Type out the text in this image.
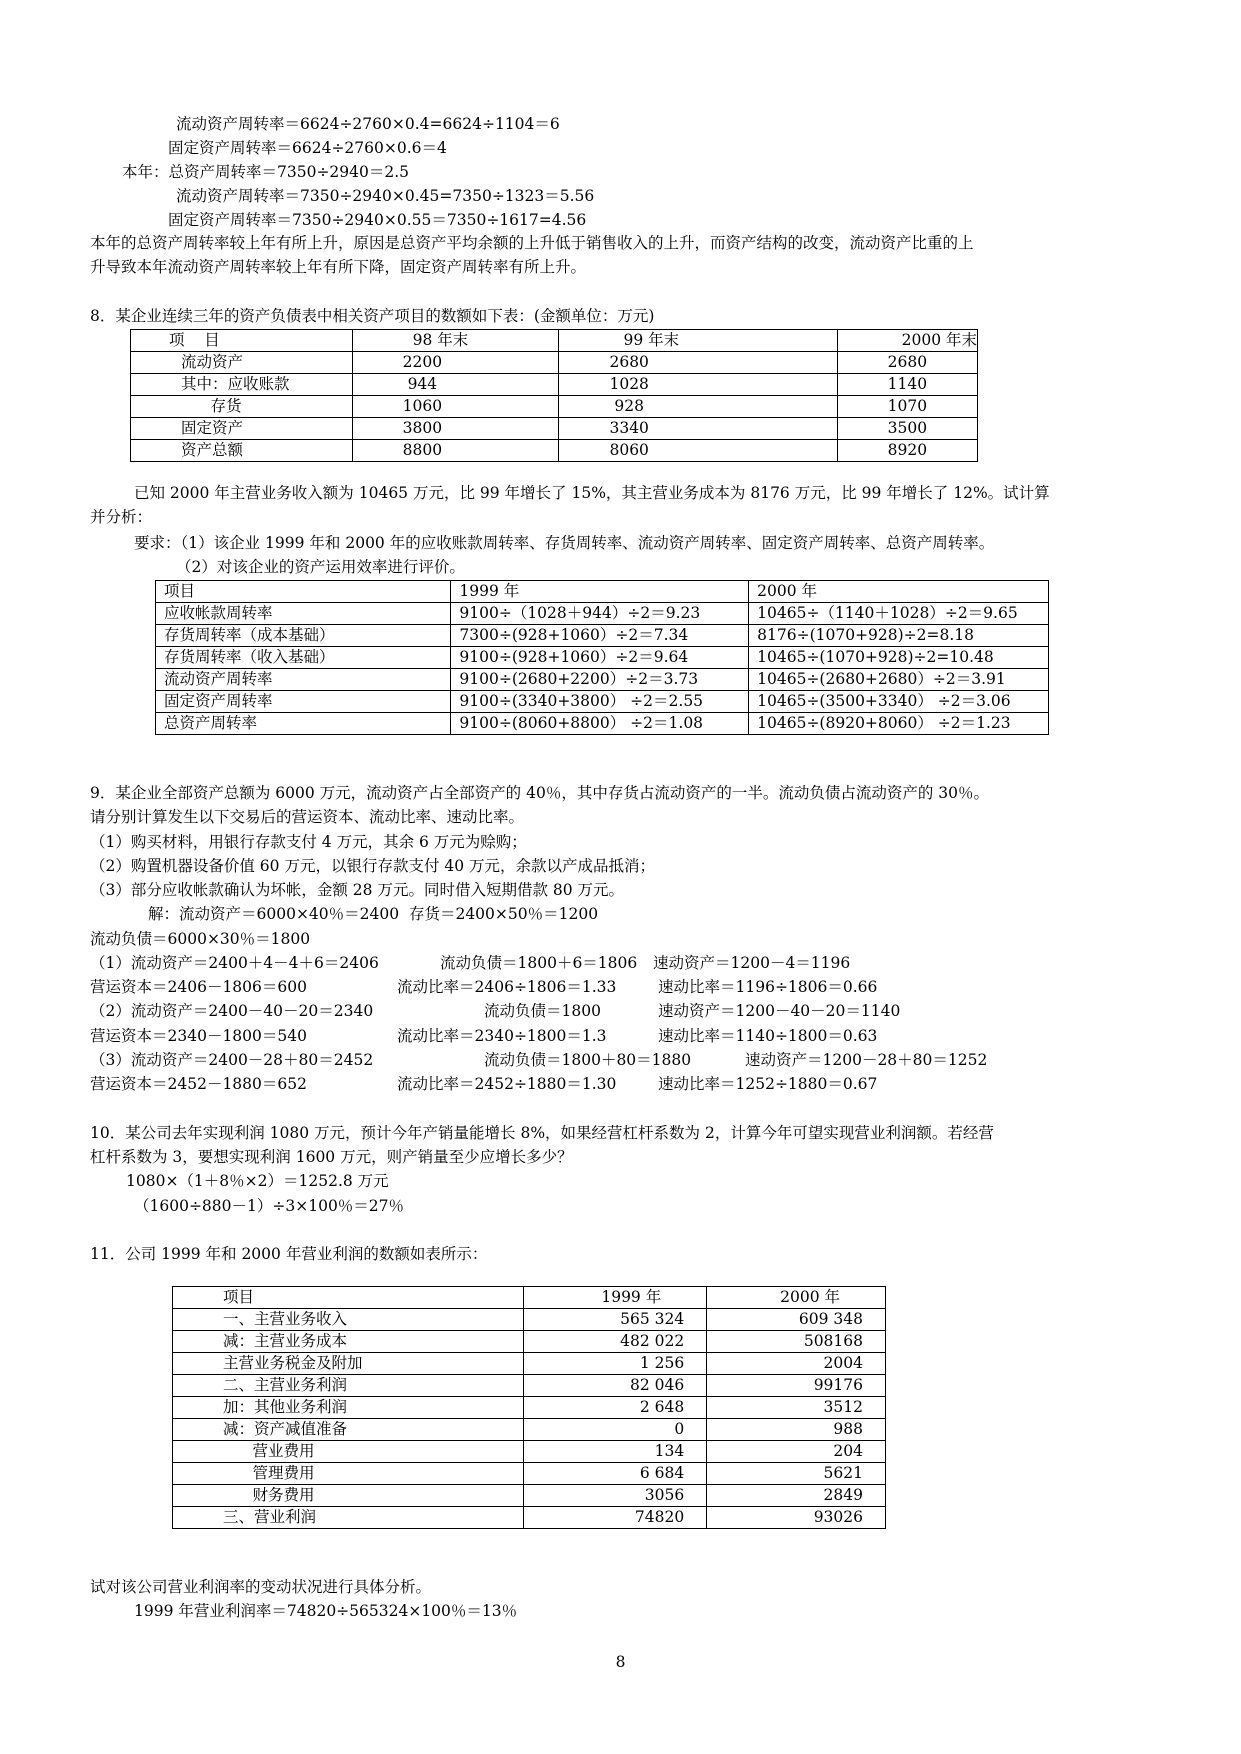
流动资产周转率＝6624÷2760×0.4=6624÷1104＝6
固定资产周转率＝6624÷2760×0.6＝4
本年：总资产周转率＝7350÷2940＝2.5
流动资产周转率＝7350÷2940×0.45=7350÷1323＝5.56
固定资产周转率＝7350÷2940×0.55＝7350÷1617=4.56
本年的总资产周转率较上年有所上升，原因是总资产平均余额的上升低于销售收入的上升，而资产结构的改变，流动资产比重的上
升导致本年流动资产周转率较上年有所下降，固定资产周转率有所上升。
8．某企业连续三年的资产负债表中相关资产项目的数额如下表：(金额单位：万元)
项    目	98 年末	99 年末	2000 年末
流动资产	2200	2680	2680
其中：应收账款	944	1028	1140
存货	1060	928	1070
固定资产	3800	3340	3500
资产总额	8800	8060	8920
已知 2000 年主营业务收入额为 10465 万元，比 99 年增长了 15%，其主营业务成本为 8176 万元，比 99 年增长了 12%。试计算
并分析：
要求：（1）该企业 1999 年和 2000 年的应收账款周转率、存货周转率、流动资产周转率、固定资产周转率、总资产周转率。
（2）对该企业的资产运用效率进行评价。
项目	1999 年	2000 年
应收帐款周转率	9100÷（1028＋944）÷2＝9.23	10465÷（1140＋1028）÷2＝9.65
存货周转率（成本基础）	7300÷(928+1060）÷2＝7.34	8176÷(1070+928)÷2=8.18
存货周转率（收入基础）	9100÷(928+1060）÷2＝9.64	10465÷(1070+928)÷2=10.48
流动资产周转率	9100÷(2680+2200）÷2＝3.73	10465÷(2680+2680）÷2＝3.91
固定资产周转率	9100÷(3340+3800） ÷2＝2.55	10465÷(3500+3340） ÷2＝3.06
总资产周转率	9100÷(8060+8800） ÷2＝1.08	10465÷(8920+8060） ÷2＝1.23
9．某企业全部资产总额为 6000 万元，流动资产占全部资产的 40％，其中存货占流动资产的一半。流动负债占流动资产的 30％。
请分别计算发生以下交易后的营运资本、流动比率、速动比率。
（1）购买材料，用银行存款支付 4 万元，其余 6 万元为赊购；
（2）购置机器设备价值 60 万元，以银行存款支付 40 万元，余款以产成品抵消；
（3）部分应收帐款确认为坏帐，金额 28 万元。同时借入短期借款 80 万元。
解：流动资产＝6000×40％＝2400  存货＝2400×50％＝1200
流动负债＝6000×30％＝1800
（1）流动资产＝2400＋4－4＋6＝2406	流动负债＝1800＋6＝1806 速动资产＝1200－4＝1196
营运资本＝2406－1806＝600	流动比率＝2406÷1806＝1.33	速动比率＝1196÷1806＝0.66
（2）流动资产＝2400－40－20＝2340	流动负债＝1800	速动资产＝1200－40－20＝1140
营运资本＝2340－1800＝540	流动比率＝2340÷1800＝1.3	速动比率＝1140÷1800＝0.63
（3）流动资产＝2400－28＋80＝2452	流动负债＝1800＋80＝1880	速动资产＝1200－28＋80＝1252
营运资本＝2452－1880＝652	流动比率＝2452÷1880＝1.30	速动比率＝1252÷1880＝0.67
10．某公司去年实现利润 1080 万元，预计今年产销量能增长 8%，如果经营杠杆系数为 2，计算今年可望实现营业利润额。若经营
杠杆系数为 3，要想实现利润 1600 万元，则产销量至少应增长多少？
1080×（1＋8％×2）＝1252.8 万元
（1600÷880－1）÷3×100％＝27％
11．公司 1999 年和 2000 年营业利润的数额如表所示：
项目	1999 年	2000 年
一、主营业务收入	565 324	609 348
减：主营业务成本	482 022	508168
主营业务税金及附加	1 256	2004
二、主营业务利润	82 046	99176
加：其他业务利润	2 648	3512
减：资产减值准备	0	988
营业费用	134	204
管理费用	6 684	5621
财务费用	3056	2849
三、营业利润	74820	93026
试对该公司营业利润率的变动状况进行具体分析。
1999 年营业利润率＝74820÷565324×100％＝13％
8
